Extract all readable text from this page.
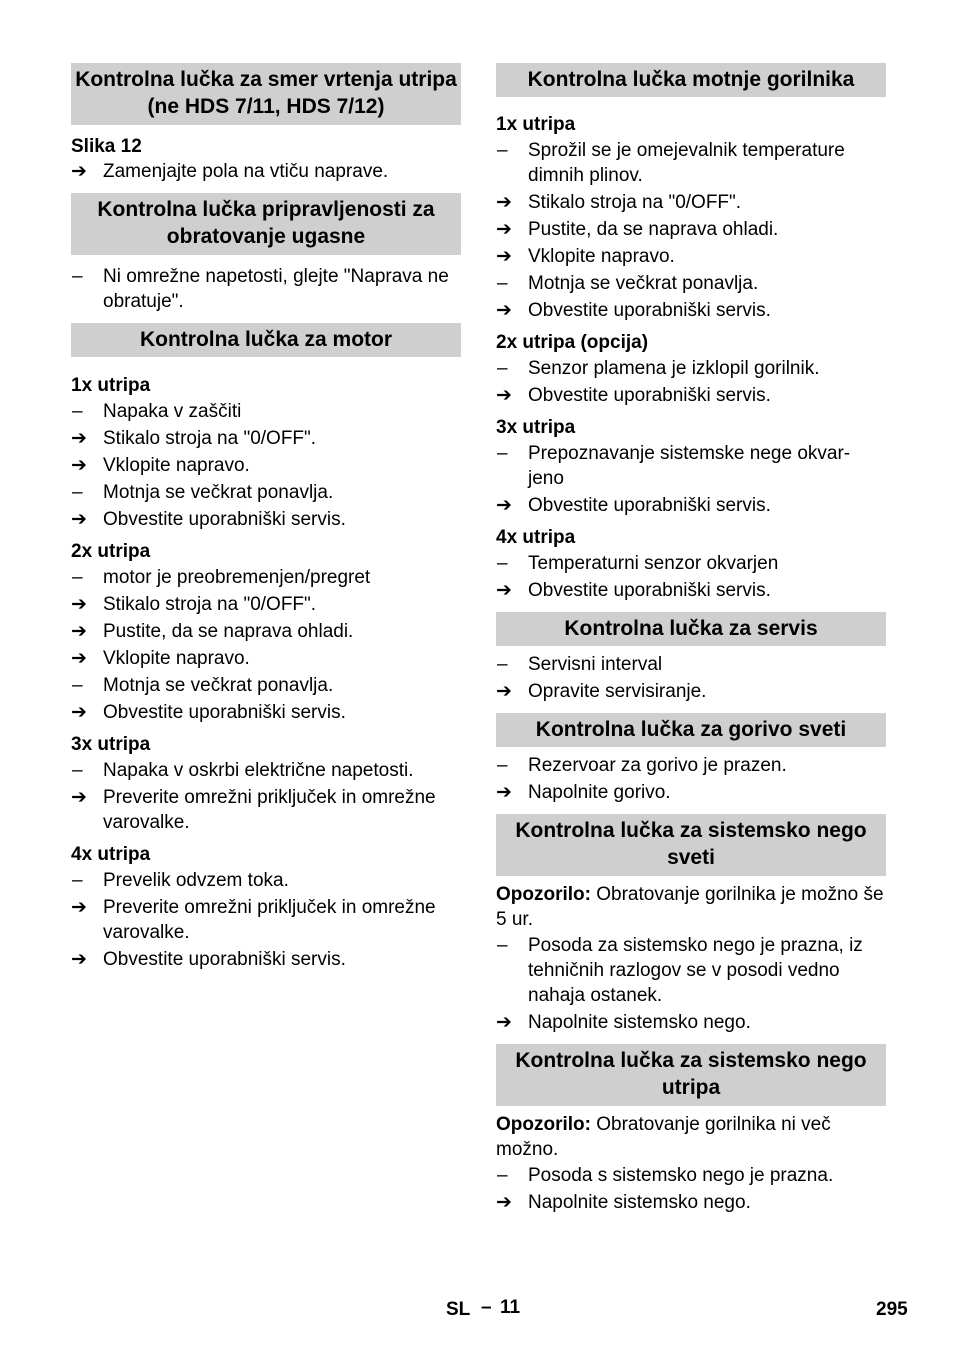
Kontrolna lučka za smer vrtenja utripa (ne HDS 7/11, HDS 7/12)
Slika 12
➔ Zamenjajte pola na vtiču naprave.
Kontrolna lučka pripravljenosti za obratovanje ugasne
–	Ni omrežne napetosti, glejte "Naprava ne obratuje".
Kontrolna lučka za motor
1x utripa
–	Napaka v zaščiti
➔ Stikalo stroja na "0/OFF".
➔ Vklopite napravo.
–	Motnja se večkrat ponavlja.
➔ Obvestite uporabniški servis.
2x utripa
–	motor je preobremenjen/pregret
➔ Stikalo stroja na "0/OFF".
➔ Pustite, da se naprava ohladi.
➔ Vklopite napravo.
–	Motnja se večkrat ponavlja.
➔ Obvestite uporabniški servis.
3x utripa
–	Napaka v oskrbi električne napetosti.
➔ Preverite omrežni priključek in omrežne varovalke.
4x utripa
–	Prevelik odvzem toka.
➔ Preverite omrežni priključek in omrežne varovalke.
➔ Obvestite uporabniški servis.
Kontrolna lučka motnje gorilnika
1x utripa
–	Sprožil se je omejevalnik temperature dimnih plinov.
➔ Stikalo stroja na "0/OFF".
➔ Pustite, da se naprava ohladi.
➔ Vklopite napravo.
–	Motnja se večkrat ponavlja.
➔ Obvestite uporabniški servis.
2x utripa (opcija)
–	Senzor plamena je izklopil gorilnik.
➔ Obvestite uporabniški servis.
3x utripa
–	Prepoznavanje sistemske nege okvar-jeno
➔ Obvestite uporabniški servis.
4x utripa
–	Temperaturni senzor okvarjen
➔ Obvestite uporabniški servis.
Kontrolna lučka za servis
–	Servisni interval
➔ Opravite servisiranje.
Kontrolna lučka za gorivo sveti
–	Rezervoar za gorivo je prazen.
➔ Napolnite gorivo.
Kontrolna lučka za sistemsko nego sveti
Opozorilo: Obratovanje gorilnika je možno še 5 ur.
–	Posoda za sistemsko nego je prazna, iz tehničnih razlogov se v posodi vedno nahaja ostanek.
➔ Napolnite sistemsko nego.
Kontrolna lučka za sistemsko nego utripa
Opozorilo: Obratovanje gorilnika ni več možno.
–	Posoda s sistemsko nego je prazna.
➔ Napolnite sistemsko nego.
SL – 11	295
